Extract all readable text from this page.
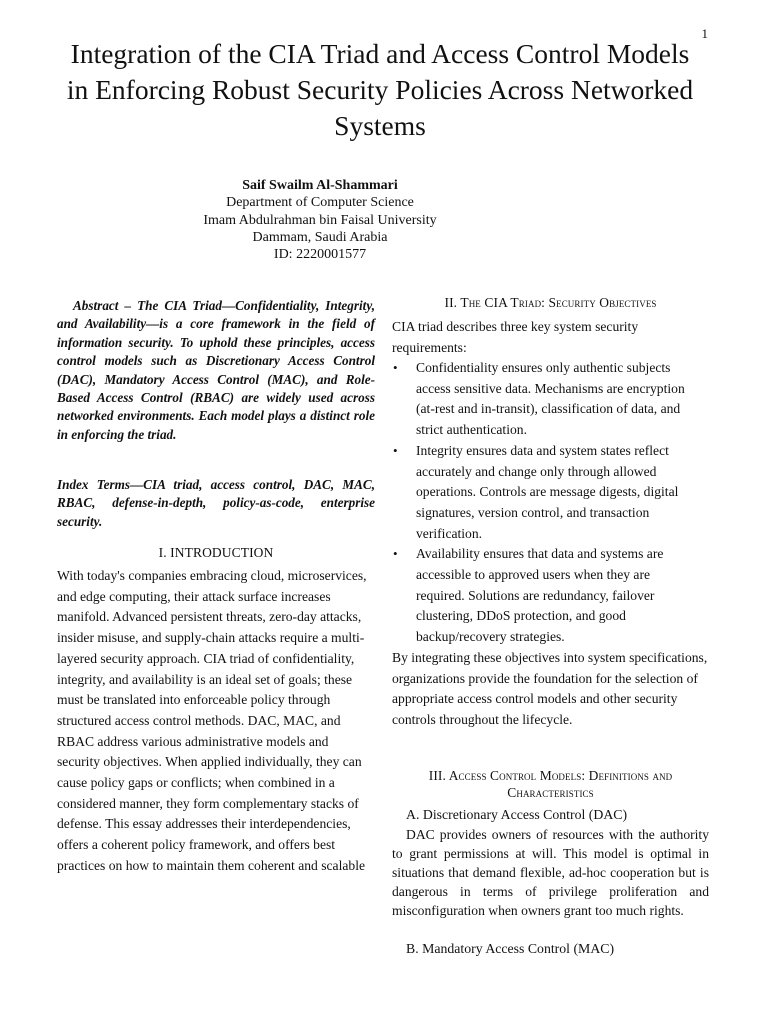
1
Integration of the CIA Triad and Access Control Models in Enforcing Robust Security Policies Across Networked Systems
Saif Swailm Al-Shammari
Department of Computer Science
Imam Abdulrahman bin Faisal University
Dammam, Saudi Arabia
ID: 2220001577
Abstract – The CIA Triad—Confidentiality, Integrity, and Availability—is a core framework in the field of information security. To uphold these principles, access control models such as Discretionary Access Control (DAC), Mandatory Access Control (MAC), and Role-Based Access Control (RBAC) are widely used across networked environments. Each model plays a distinct role in enforcing the triad.
Index Terms—CIA triad, access control, DAC, MAC, RBAC, defense-in-depth, policy-as-code, enterprise security.
I. INTRODUCTION
With today's companies embracing cloud, microservices, and edge computing, their attack surface increases manifold. Advanced persistent threats, zero-day attacks, insider misuse, and supply-chain attacks require a multi-layered security approach. CIA triad of confidentiality, integrity, and availability is an ideal set of goals; these must be translated into enforceable policy through structured access control methods. DAC, MAC, and RBAC address various administrative models and security objectives. When applied individually, they can cause policy gaps or conflicts; when combined in a considered manner, they form complementary stacks of defense. This essay addresses their interdependencies, offers a coherent policy framework, and offers best practices on how to maintain them coherent and scalable
II. The CIA Triad: Security Objectives
CIA triad describes three key system security requirements:
• Confidentiality ensures only authentic subjects access sensitive data. Mechanisms are encryption (at-rest and in-transit), classification of data, and strict authentication.
• Integrity ensures data and system states reflect accurately and change only through allowed operations. Controls are message digests, digital signatures, version control, and transaction verification.
• Availability ensures that data and systems are accessible to approved users when they are required. Solutions are redundancy, failover clustering, DDoS protection, and good backup/recovery strategies.
By integrating these objectives into system specifications, organizations provide the foundation for the selection of appropriate access control models and other security controls throughout the lifecycle.
III. Access Control Models: Definitions and Characteristics
A. Discretionary Access Control (DAC)
DAC provides owners of resources with the authority to grant permissions at will. This model is optimal in situations that demand flexible, ad-hoc cooperation but is dangerous in terms of privilege proliferation and misconfiguration when owners grant too much rights.
B. Mandatory Access Control (MAC)
